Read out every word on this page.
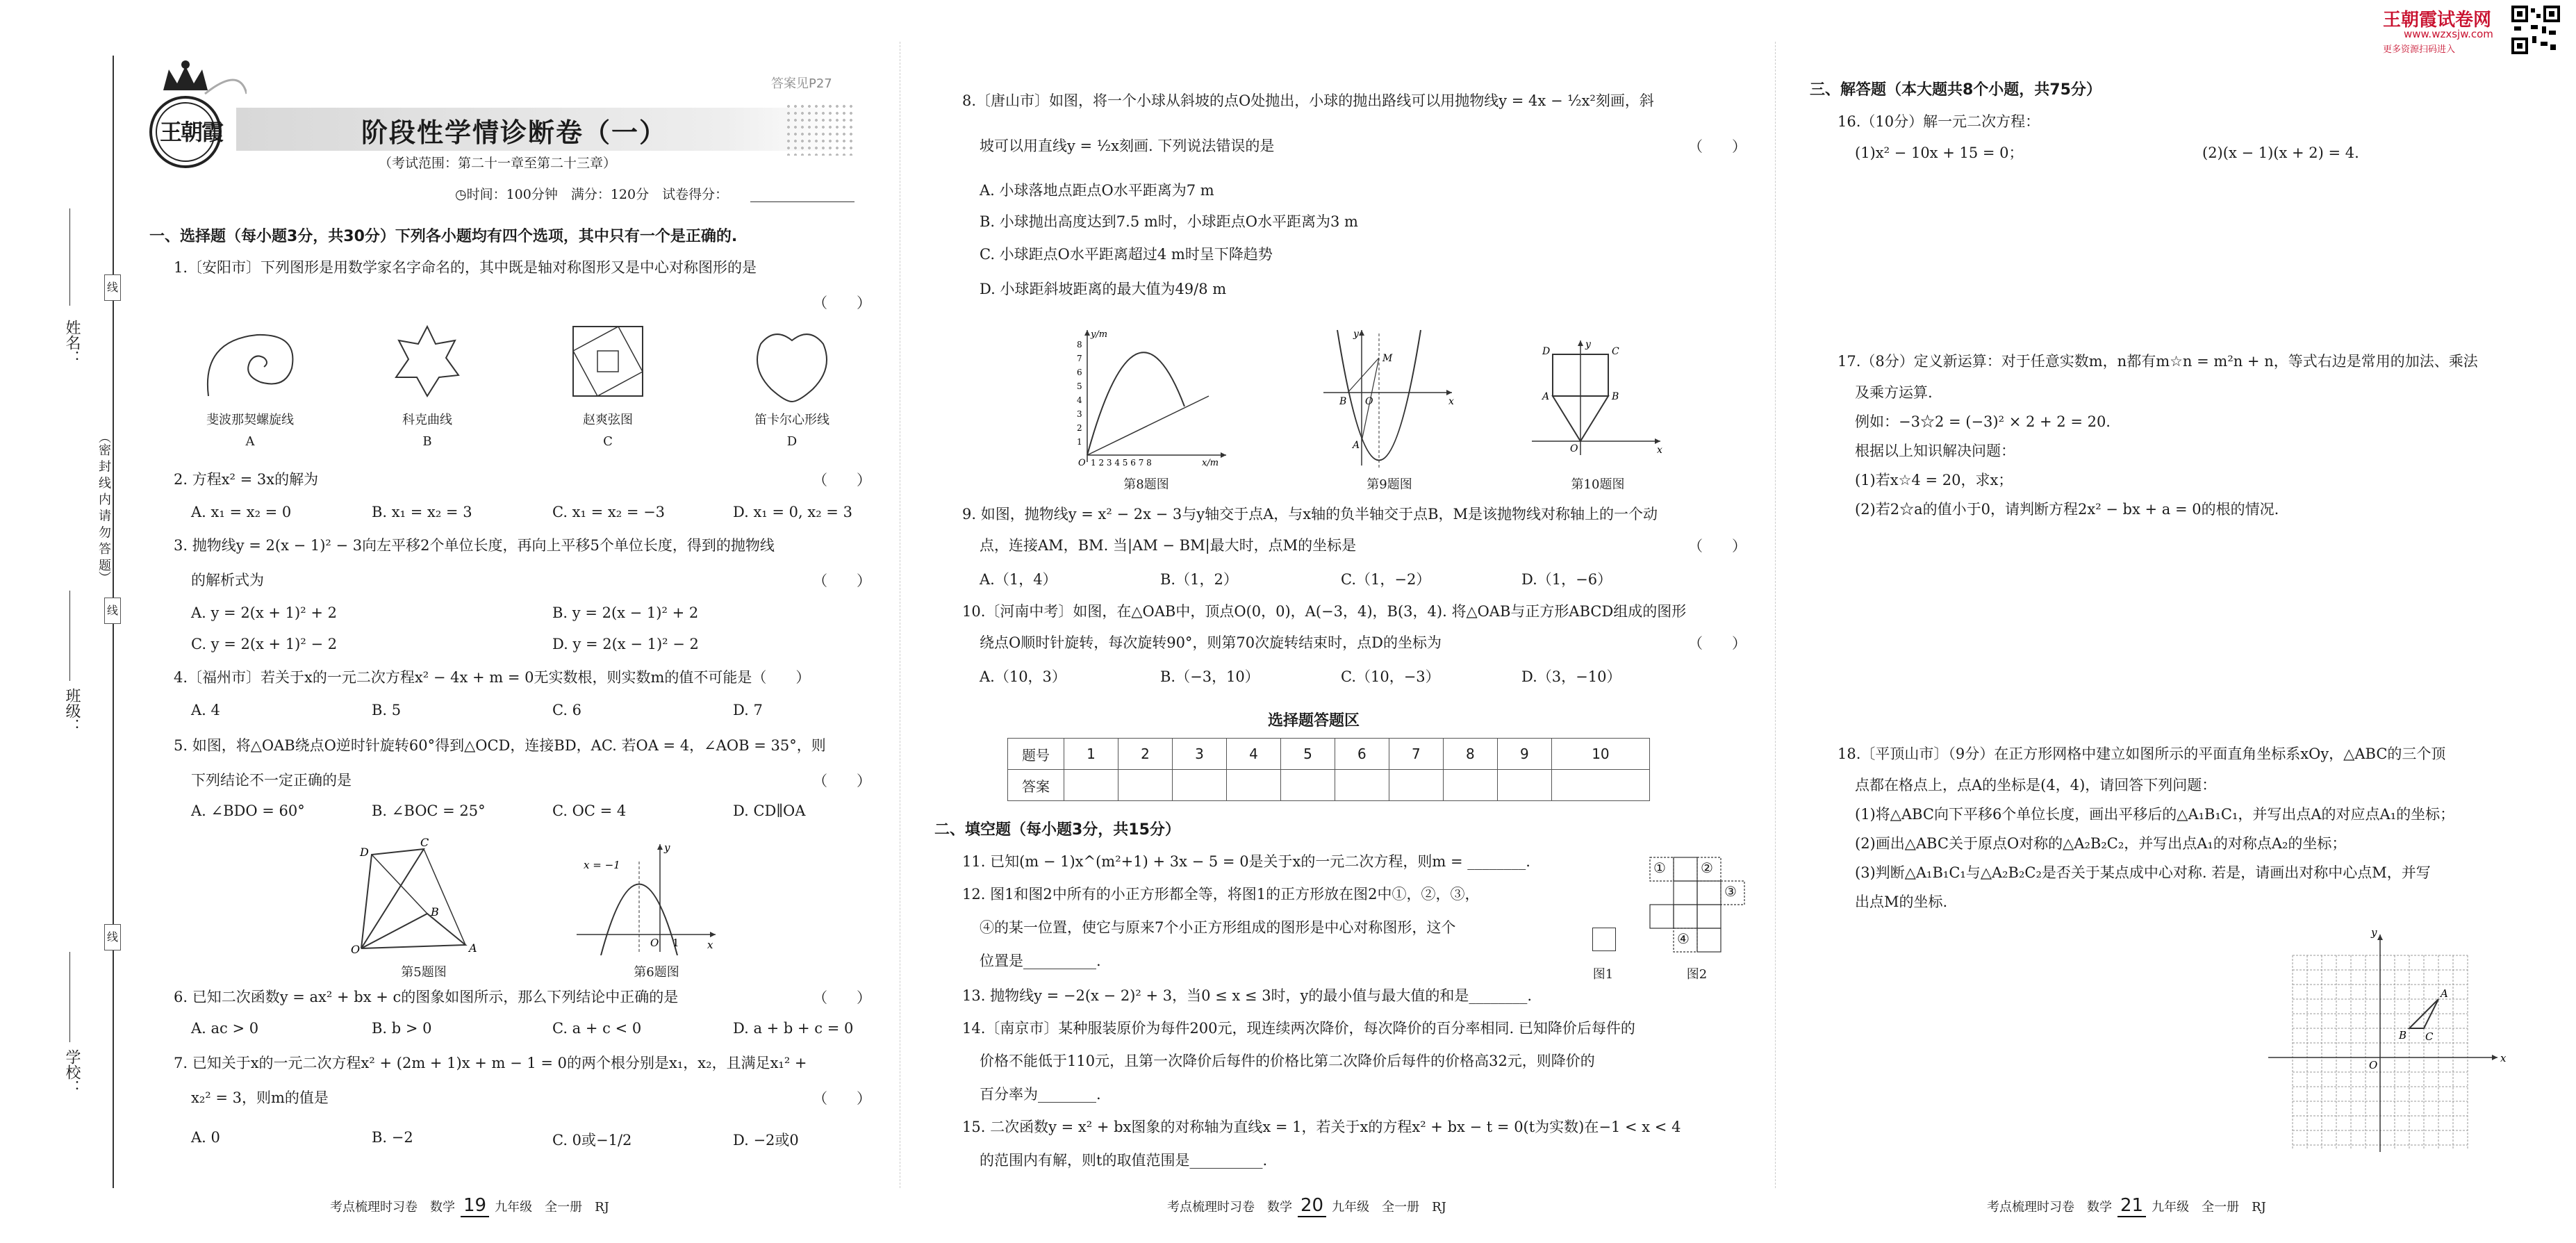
姓名：
班级：
学校：
（密 封 线 内 请 勿 答 题）
线
线
线
王朝霞
答案见P27
阶段性学情诊断卷（一）
（考试范围：第二十一章至第二十三章）
◷时间：100分钟　满分：120分　试卷得分：
一、选择题（每小题3分，共30分）下列各小题均有四个选项，其中只有一个是正确的.
1.〔安阳市〕下列图形是用数学家名字命名的，其中既是轴对称图形又是中心对称图形的是
（　　）
斐波那契螺旋线	科克曲线	赵爽弦图	笛卡尔心形线
A	B	C	D
2. 方程x² = 3x的解为	（　　）
A. x₁ = x₂ = 0	B. x₁ = x₂ = 3	C. x₁ = x₂ = −3	D. x₁ = 0, x₂ = 3
3. 抛物线y = 2(x − 1)² − 3向左平移2个单位长度，再向上平移5个单位长度，得到的抛物线
的解析式为	（　　）
A. y = 2(x + 1)² + 2	B. y = 2(x − 1)² + 2
C. y = 2(x + 1)² − 2	D. y = 2(x − 1)² − 2
4.〔福州市〕若关于x的一元二次方程x² − 4x + m = 0无实数根，则实数m的值不可能是（　　）
A. 4	B. 5	C. 6	D. 7
5. 如图，将△OAB绕点O逆时针旋转60°得到△OCD，连接BD，AC. 若OA = 4，∠AOB = 35°，则
下列结论不一定正确的是	（　　）
A. ∠BDO = 60°	B. ∠BOC = 25°	C. OC = 4	D. CD∥OA
O	A
B
C
D
第5题图
x = −1
x
y
O 1
第6题图
6. 已知二次函数y = ax² + bx + c的图象如图所示，那么下列结论中正确的是	（　　）
A. ac > 0	B. b > 0	C. a + c < 0	D. a + b + c = 0
7. 已知关于x的一元二次方程x² + (2m + 1)x + m − 1 = 0的两个根分别是x₁，x₂，且满足x₁² +
x₂² = 3，则m的值是	（　　）
A. 0	B. −2	C. 0或−1/2	D. −2或0
考点梳理时习卷　数学 19 九年级　全一册　RJ
8.〔唐山市〕如图，将一个小球从斜坡的点O处抛出，小球的抛出路线可以用抛物线y = 4x − ½x²刻画，斜
坡可以用直线y = ½x刻画. 下列说法错误的是	（　　）
A. 小球落地点距点O水平距离为7 m
B. 小球抛出高度达到7.5 m时，小球距点O水平距离为3 m
C. 小球距点O水平距离超过4 m时呈下降趋势
D. 小球距斜坡距离的最大值为49/8 m
y/m
x/m
O 1 2 3 4 5 6 7 8
8
7
6
5
4
3
2
1
第8题图
M
B
A
O	x
y
第9题图
D	C
A	B
O	x
y
第10题图
9. 如图，抛物线y = x² − 2x − 3与y轴交于点A，与x轴的负半轴交于点B，M是该抛物线对称轴上的一个动
点，连接AM，BM. 当|AM − BM|最大时，点M的坐标是	（　　）
A.（1，4）	B.（1，2）	C.（1，−2）	D.（1，−6）
10.〔河南中考〕如图，在△OAB中，顶点O(0，0)，A(−3，4)，B(3，4). 将△OAB与正方形ABCD组成的图形
绕点O顺时针旋转，每次旋转90°，则第70次旋转结束时，点D的坐标为	（　　）
A.（10，3）	B.（−3，10）	C.（10，−3）	D.（3，−10）
选择题答题区
题号	1	2	3	4	5	6	7	8	9	10
答案										
二、填空题（每小题3分，共15分）
11. 已知(m − 1)x^(m²+1) + 3x − 5 = 0是关于x的一元二次方程，则m = ________.
12. 图1和图2中所有的小正方形都全等，将图1的正方形放在图2中①，②，③，
④的某一位置，使它与原来7个小正方形组成的图形是中心对称图形，这个
位置是__________.
图1
①	②
③
④
图2
13. 抛物线y = −2(x − 2)² + 3，当0 ≤ x ≤ 3时，y的最小值与最大值的和是________.
14.〔南京市〕某种服装原价为每件200元，现连续两次降价，每次降价的百分率相同. 已知降价后每件的
价格不能低于110元，且第一次降价后每件的价格比第二次降价后每件的价格高32元，则降价的
百分率为________.
15. 二次函数y = x² + bx图象的对称轴为直线x = 1，若关于x的方程x² + bx − t = 0(t为实数)在−1 < x < 4
的范围内有解，则t的取值范围是__________.
考点梳理时习卷　数学 20 九年级　全一册　RJ
王朝霞试卷网
www.wzxsjw.com
更多资源扫码进入
三、解答题（本大题共8个小题，共75分）
16.（10分）解一元二次方程：
(1)x² − 10x + 15 = 0；	(2)(x − 1)(x + 2) = 4.
17.（8分）定义新运算：对于任意实数m，n都有m☆n = m²n + n，等式右边是常用的加法、乘法
及乘方运算.
例如：−3☆2 = (−3)² × 2 + 2 = 20.
根据以上知识解决问题：
(1)若x☆4 = 20，求x；
(2)若2☆a的值小于0，请判断方程2x² − bx + a = 0的根的情况.
18.〔平顶山市〕（9分）在正方形网格中建立如图所示的平面直角坐标系xOy，△ABC的三个顶
点都在格点上，点A的坐标是(4，4)，请回答下列问题：
(1)将△ABC向下平移6个单位长度，画出平移后的△A₁B₁C₁，并写出点A的对应点A₁的坐标；
(2)画出△ABC关于原点O对称的△A₂B₂C₂，并写出点A₁的对称点A₂的坐标；
(3)判断△A₁B₁C₁与△A₂B₂C₂是否关于某点成中心对称. 若是，请画出对称中心点M，并写
出点M的坐标.
A
B C
O
x
y
考点梳理时习卷　数学 21 九年级　全一册　RJ
